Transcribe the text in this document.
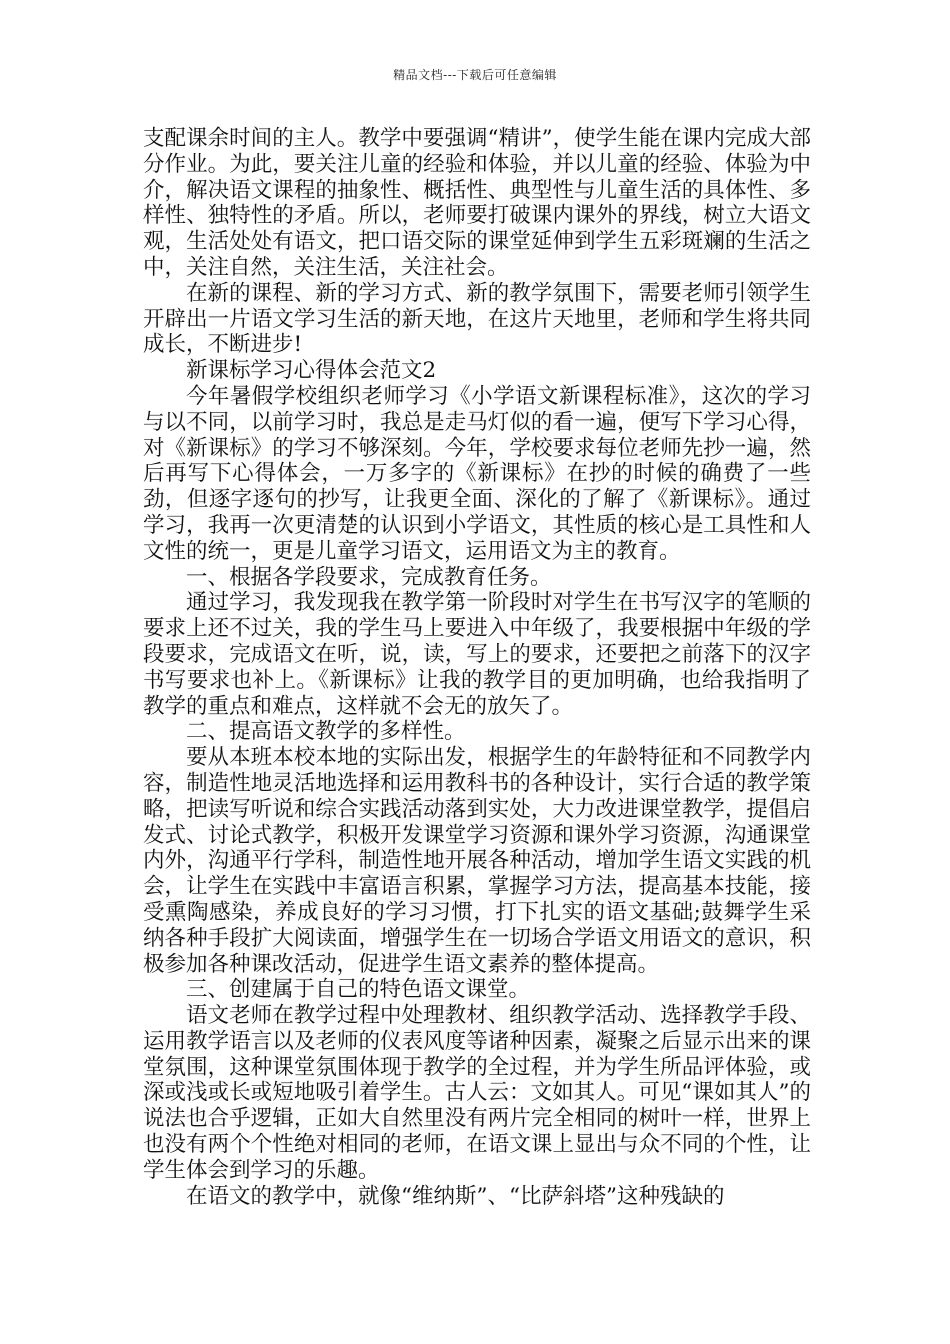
精品文档---下载后可任意编辑

支配课余时间的主人。教学中要强调“精讲”，使学生能在课内完成大部分作业。为此，要关注儿童的经验和体验，并以儿童的经验、体验为中介，解决语文课程的抽象性、概括性、典型性与儿童生活的具体性、多样性、独特性的矛盾。所以，老师要打破课内课外的界线，树立大语文观，生活处处有语文，把口语交际的课堂延伸到学生五彩斑斓的生活之中，关注自然，关注生活，关注社会。

在新的课程、新的学习方式、新的教学氛围下，需要老师引领学生开辟出一片语文学习生活的新天地，在这片天地里，老师和学生将共同成长，不断进步!

新课标学习心得体会范文2

今年暑假学校组织老师学习《小学语文新课程标准》，这次的学习与以不同，以前学习时，我总是走马灯似的看一遍，便写下学习心得，对《新课标》的学习不够深刻。今年，学校要求每位老师先抄一遍，然后再写下心得体会，一万多字的《新课标》在抄的时候的确费了一些劲，但逐字逐句的抄写，让我更全面、深化的了解了《新课标》。通过学习，我再一次更清楚的认识到小学语文，其性质的核心是工具性和人文性的统一，更是儿童学习语文，运用语文为主的教育。

一、根据各学段要求，完成教育任务。

通过学习，我发现我在教学第一阶段时对学生在书写汉字的笔顺的要求上还不过关，我的学生马上要进入中年级了，我要根据中年级的学段要求，完成语文在听，说，读，写上的要求，还要把之前落下的汉字书写要求也补上。《新课标》让我的教学目的更加明确，也给我指明了教学的重点和难点，这样就不会无的放矢了。

二、提高语文教学的多样性。

要从本班本校本地的实际出发，根据学生的年龄特征和不同教学内容，制造性地灵活地选择和运用教科书的各种设计，实行合适的教学策略，把读写听说和综合实践活动落到实处，大力改进课堂教学，提倡启发式、讨论式教学，积极开发课堂学习资源和课外学习资源，沟通课堂内外，沟通平行学科，制造性地开展各种活动，增加学生语文实践的机会，让学生在实践中丰富语言积累，掌握学习方法，提高基本技能，接受熏陶感染，养成良好的学习习惯，打下扎实的语文基础;鼓舞学生采纳各种手段扩大阅读面，增强学生在一切场合学语文用语文的意识，积极参加各种课改活动，促进学生语文素养的整体提高。

三、创建属于自己的特色语文课堂。

语文老师在教学过程中处理教材、组织教学活动、选择教学手段、运用教学语言以及老师的仪表风度等诸种因素，凝聚之后显示出来的课堂氛围，这种课堂氛围体现于教学的全过程，并为学生所品评体验，或深或浅或长或短地吸引着学生。古人云：文如其人。可见“课如其人”的说法也合乎逻辑，正如大自然里没有两片完全相同的树叶一样，世界上也没有两个个性绝对相同的老师，在语文课上显出与众不同的个性，让学生体会到学习的乐趣。

在语文的教学中，就像“维纳斯”、“比萨斜塔”这种残缺的
